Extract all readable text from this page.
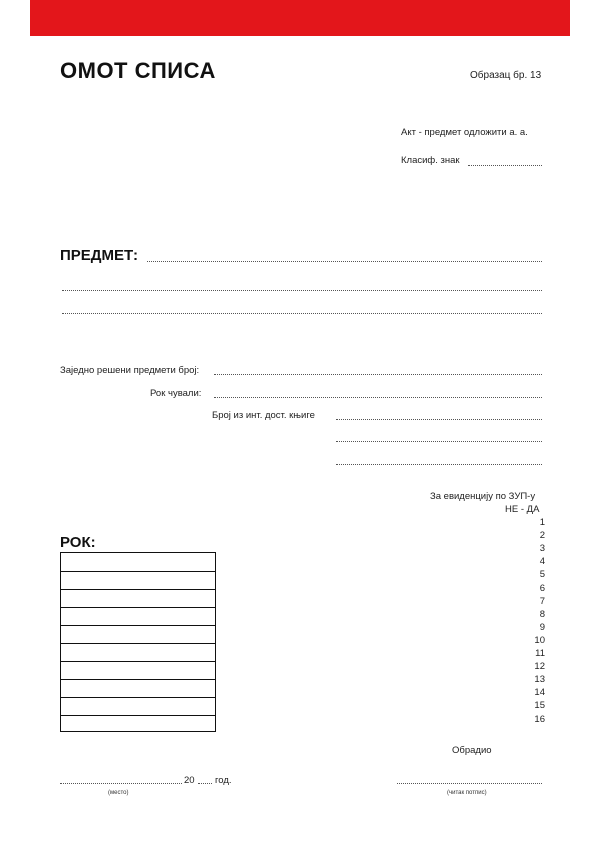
ОМОТ СПИСА	Образац бр. 13
Акт - предмет одложити а. а.
Класиф. знак
ПРЕДМЕТ:
Заједно решени предмети број:
Рок чували:
Број из инт. дост. књиге
За евиденцију по ЗУП-у
НЕ - ДА
1
2
3
4
5
6
7
8
9
10
11
12
13
14
15
16
РОК:
Обрадио
20 год.
(место)	(читак потпис)
